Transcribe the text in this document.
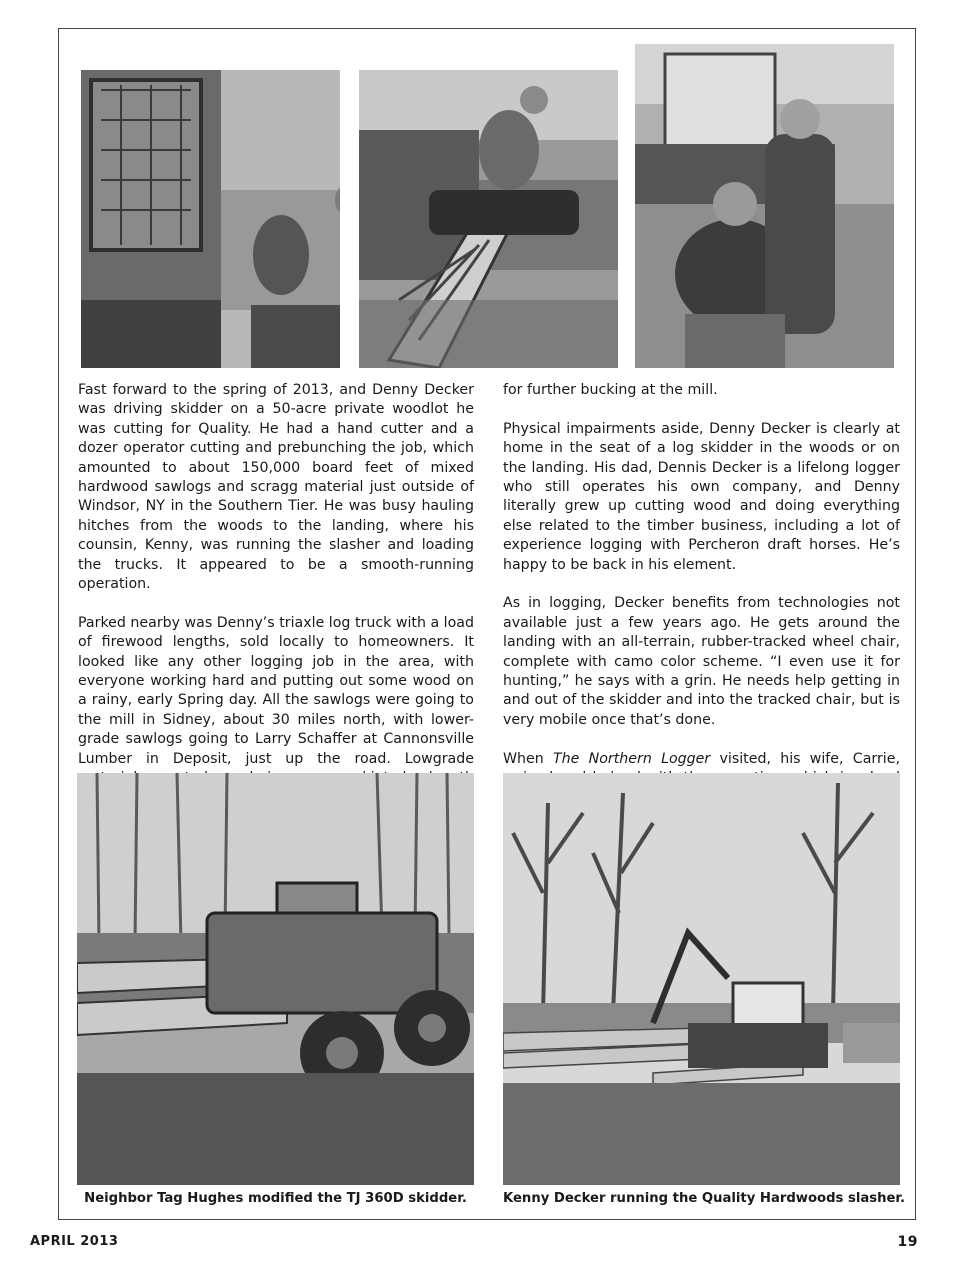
Fast forward to the spring of 2013, and Denny Decker was driving skidder on a 50-acre private woodlot he was cutting for Quality. He had a hand cutter and a dozer operator cutting and prebunching the job, which amounted to about 150,000 board feet of mixed hardwood sawlogs and scragg material just outside of Windsor, NY in the Southern Tier. He was busy hauling hitches from the woods to the landing, where his counsin, Kenny, was running the slasher and loading the trucks. It appeared to be a smooth-running operation.

Parked nearby was Denny’s triaxle log truck with a load of firewood lengths, sold locally to homeowners. It looked like any other logging job in the area, with everyone working hard and putting out some wood on a rainy, early Spring day. All the sawlogs were going to the mill in Sidney, about 30 miles north, with lower-grade sawlogs going to Larry Schaffer at Cannonsville Lumber in Deposit, just up the road. Lowgrade

for further bucking at the mill.

Physical impairments aside, Denny Decker is clearly at home in the seat of a log skidder in the woods or on the landing. His dad, Dennis Decker is a lifelong logger who still operates his own company, and Denny literally grew up cutting wood and doing everything else related to the timber business, including a lot of experience logging with Percheron draft horses. He’s happy to be back in his element.

As in logging, Decker benefits from technologies not available just a few years ago. He gets around the landing with an all-terrain, rubber-tracked wheel chair, complete with camo color scheme. “I even use it for hunting,” he says with a grin. He needs help getting in and out of the skidder and into the tracked chair, but is very mobile once that’s done.

When The Northern Logger visited, his wife, Carrie,

Neighbor Tag Hughes modified the TJ 360D skidder.	Kenny Decker running the Quality Hardwoods slasher.
APRIL 2013	19
